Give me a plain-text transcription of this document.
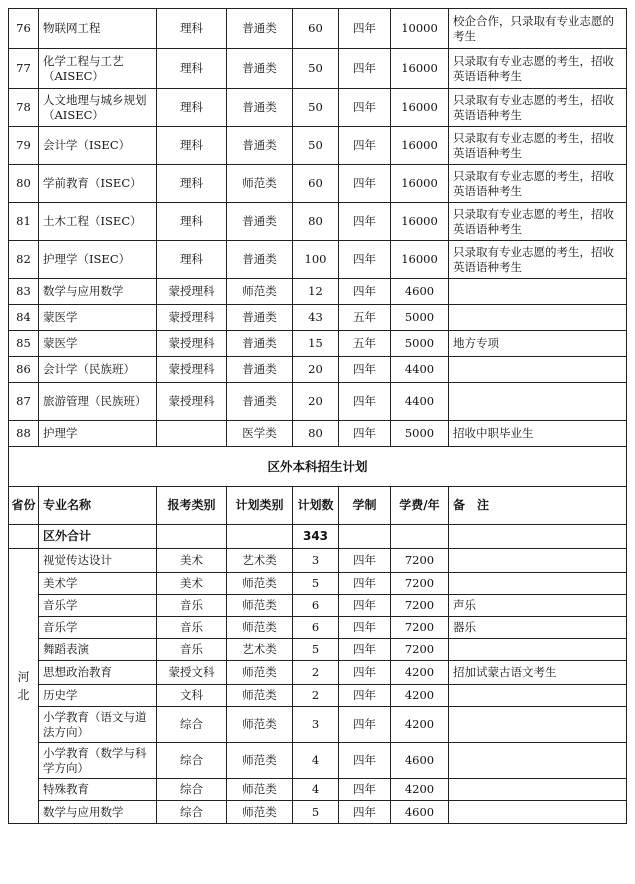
76	物联网工程	理科	普通类	60	四年	10000	校企合作，只录取有专业志愿的考生
77	化学工程与工艺（AISEC）	理科	普通类	50	四年	16000	只录取有专业志愿的考生，招收英语语种考生
78	人文地理与城乡规划（AISEC）	理科	普通类	50	四年	16000	只录取有专业志愿的考生，招收英语语种考生
79	会计学（ISEC）	理科	普通类	50	四年	16000	只录取有专业志愿的考生，招收英语语种考生
80	学前教育（ISEC）	理科	师范类	60	四年	16000	只录取有专业志愿的考生，招收英语语种考生
81	土木工程（ISEC）	理科	普通类	80	四年	16000	只录取有专业志愿的考生，招收英语语种考生
82	护理学（ISEC）	理科	普通类	100	四年	16000	只录取有专业志愿的考生，招收英语语种考生
83	数学与应用数学	蒙授理科	师范类	12	四年	4600	
84	蒙医学	蒙授理科	普通类	43	五年	5000	
85	蒙医学	蒙授理科	普通类	15	五年	5000	地方专项
86	会计学（民族班）	蒙授理科	普通类	20	四年	4400	
87	旅游管理（民族班）	蒙授理科	普通类	20	四年	4400	
88	护理学		医学类	80	四年	5000	招收中职毕业生
区外本科招生计划							
省份	专业名称	报考类别	计划类别	计划数	学制	学费/年	备　注
	区外合计			343			
河北	视觉传达设计	美术	艺术类	3	四年	7200	
	美术学	美术	师范类	5	四年	7200	
	音乐学	音乐	师范类	6	四年	7200	声乐
	音乐学	音乐	师范类	6	四年	7200	器乐
	舞蹈表演	音乐	艺术类	5	四年	7200	
	思想政治教育	蒙授文科	师范类	2	四年	4200	招加试蒙古语文考生
	历史学	文科	师范类	2	四年	4200	
	小学教育（语文与道法方向）	综合	师范类	3	四年	4200	
	小学教育（数学与科学方向）	综合	师范类	4	四年	4600	
	特殊教育	综合	师范类	4	四年	4200	
	数学与应用数学	综合	师范类	5	四年	4600	
